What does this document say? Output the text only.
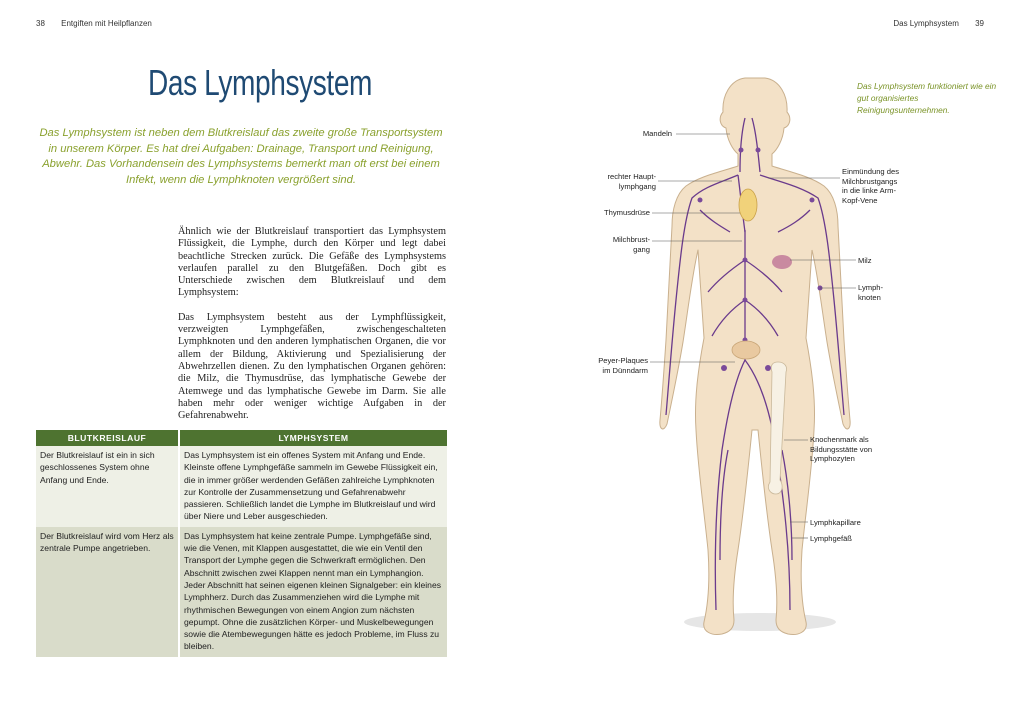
38 Entgiften mit Heilpflanzen	Das Lymphsystem 39
Das Lymphsystem
Das Lymphsystem ist neben dem Blutkreislauf das zweite große Transportsystem in unserem Körper. Es hat drei Aufgaben: Drainage, Transport und Reinigung, Abwehr. Das Vorhandensein des Lymphsystems bemerkt man oft erst bei einem Infekt, wenn die Lymphknoten vergrößert sind.

Ähnlich wie der Blutkreislauf transportiert das Lymphsystem Flüssigkeit, die Lymphe, durch den Körper und legt dabei beachtliche Strecken zurück. Die Gefäße des Lymphsystems verlaufen parallel zu den Blutgefäßen. Doch gibt es Unterschiede zwischen dem Blutkreislauf und dem Lymphsystem:

Das Lymphsystem besteht aus der Lymphflüssigkeit, verzweigten Lymphgefäßen, zwischengeschalteten Lymphknoten und den anderen lymphatischen Organen, die vor allem der Bildung, Aktivierung und Spezialisierung der Abwehrzellen dienen. Zu den lymphatischen Organen gehören: die Milz, die Thymusdrüse, das lymphatische Gewebe der Atemwege und das lymphatische Gewebe im Darm. Sie alle haben mehr oder weniger wichtige Aufgaben in der Gefahrenabwehr.

BLUTKREISLAUF	LYMPHSYSTEM
Der Blutkreislauf ist ein in sich geschlossenes System ohne Anfang und Ende.	Das Lymphsystem ist ein offenes System mit Anfang und Ende. Kleinste offene Lymphgefäße sammeln im Gewebe Flüssigkeit ein, die in immer größer werdenden Gefäßen zahlreiche Lymphknoten zur Kontrolle der Zusammensetzung und Gefahrenabwehr passieren. Schließlich landet die Lymphe im Blutkreislauf und wird über Niere und Leber ausgeschieden.
Der Blutkreislauf wird vom Herz als zentrale Pumpe angetrieben.	Das Lymphsystem hat keine zentrale Pumpe. Lymphgefäße sind, wie die Venen, mit Klappen ausgestattet, die wie ein Ventil den Transport der Lymphe gegen die Schwerkraft ermöglichen. Den Abschnitt zwischen zwei Klappen nennt man ein Lymphangion. Jeder Abschnitt hat seinen eigenen kleinen Signalgeber: ein kleines Lymphherz. Durch das Zusammenziehen wird die Lymphe mit rhythmischen Bewegungen von einem Angion zum nächsten gepumpt. Ohne die zusätzlichen Körper- und Muskelbewegungen sowie die Atembewegungen hätte es jedoch Probleme, im Fluss zu bleiben.
Das Lymphsystem funktioniert wie ein gut organisiertes Reinigungsunternehmen.
Mandeln
rechter Haupt-
lymphgang
Thymusdrüse
Milchbrust-
gang
Peyer-Plaques
im Dünndarm
Einmündung des
Milchbrustgangs
in die linke Arm-
Kopf-Vene
Milz
Lymph-
knoten
Knochenmark als
Bildungsstätte von
Lymphozyten
Lymphkapillare
Lymphgefäß
